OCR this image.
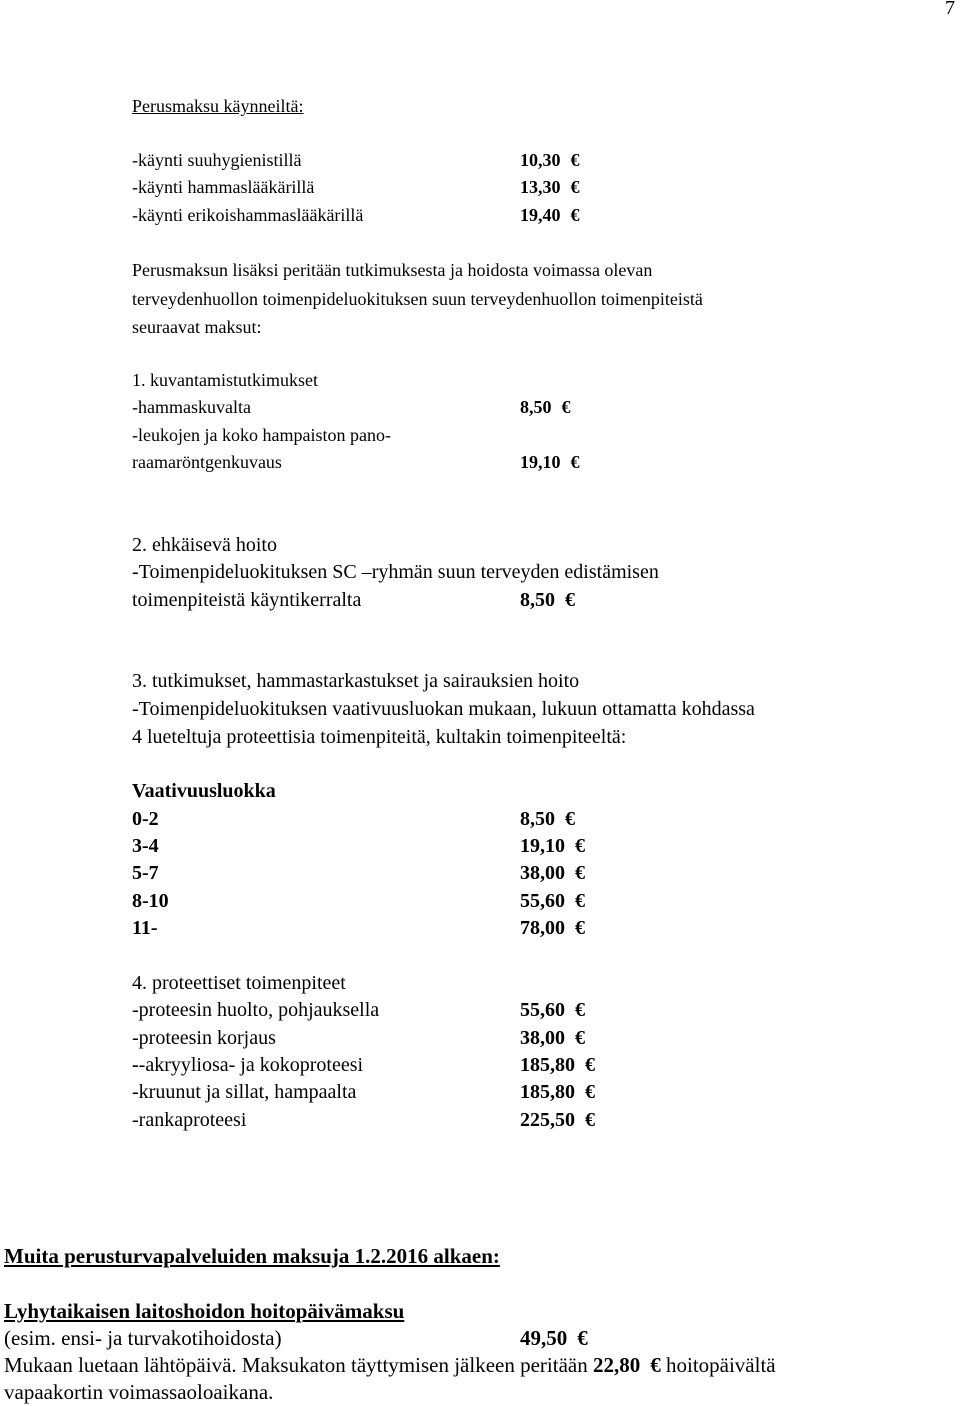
7
Perusmaksu käynneiltä:
-käynti suuhygienistillä	10,30 €
-käynti hammaslääkärillä	13,30 €
-käynti erikoishammaslääkärillä	19,40 €
Perusmaksun lisäksi peritään tutkimuksesta ja hoidosta voimassa olevan
terveydenhuollon toimenpideluokituksen suun terveydenhuollon toimenpiteistä
seuraavat maksut:
1. kuvantamistutkimukset
-hammaskuvalta	8,50 €
-leukojen ja koko hampaiston pano-
raamaröntgenkuvaus	19,10 €
2. ehkäisevä hoito
-Toimenpideluokituksen SC –ryhmän suun terveyden edistämisen
toimenpiteistä käyntikerralta	8,50 €
3. tutkimukset, hammastarkastukset ja sairauksien hoito
-Toimenpideluokituksen vaativuusluokan mukaan, lukuun ottamatta kohdassa
4 lueteltuja proteettisia toimenpiteitä, kultakin toimenpiteeltä:
Vaativuusluokka
0-2	8,50 €
3-4	19,10 €
5-7	38,00 €
8-10	55,60 €
11-	78,00 €
4. proteettiset toimenpiteet
-proteesin huolto, pohjauksella	55,60 €
-proteesin korjaus	38,00 €
--akryyliosa- ja kokoproteesi	185,80 €
-kruunut ja sillat, hampaalta	185,80 €
-rankaproteesi	225,50 €
Muita perusturvapalveluiden maksuja 1.2.2016 alkaen:
Lyhytaikaisen laitoshoidon hoitopäivämaksu
(esim. ensi- ja turvakotihoidosta)	49,50 €
Mukaan luetaan lähtöpäivä. Maksukaton täyttymisen jälkeen peritään 22,80 € hoitopäivältä
vapaakortin voimassaoloaikana.
